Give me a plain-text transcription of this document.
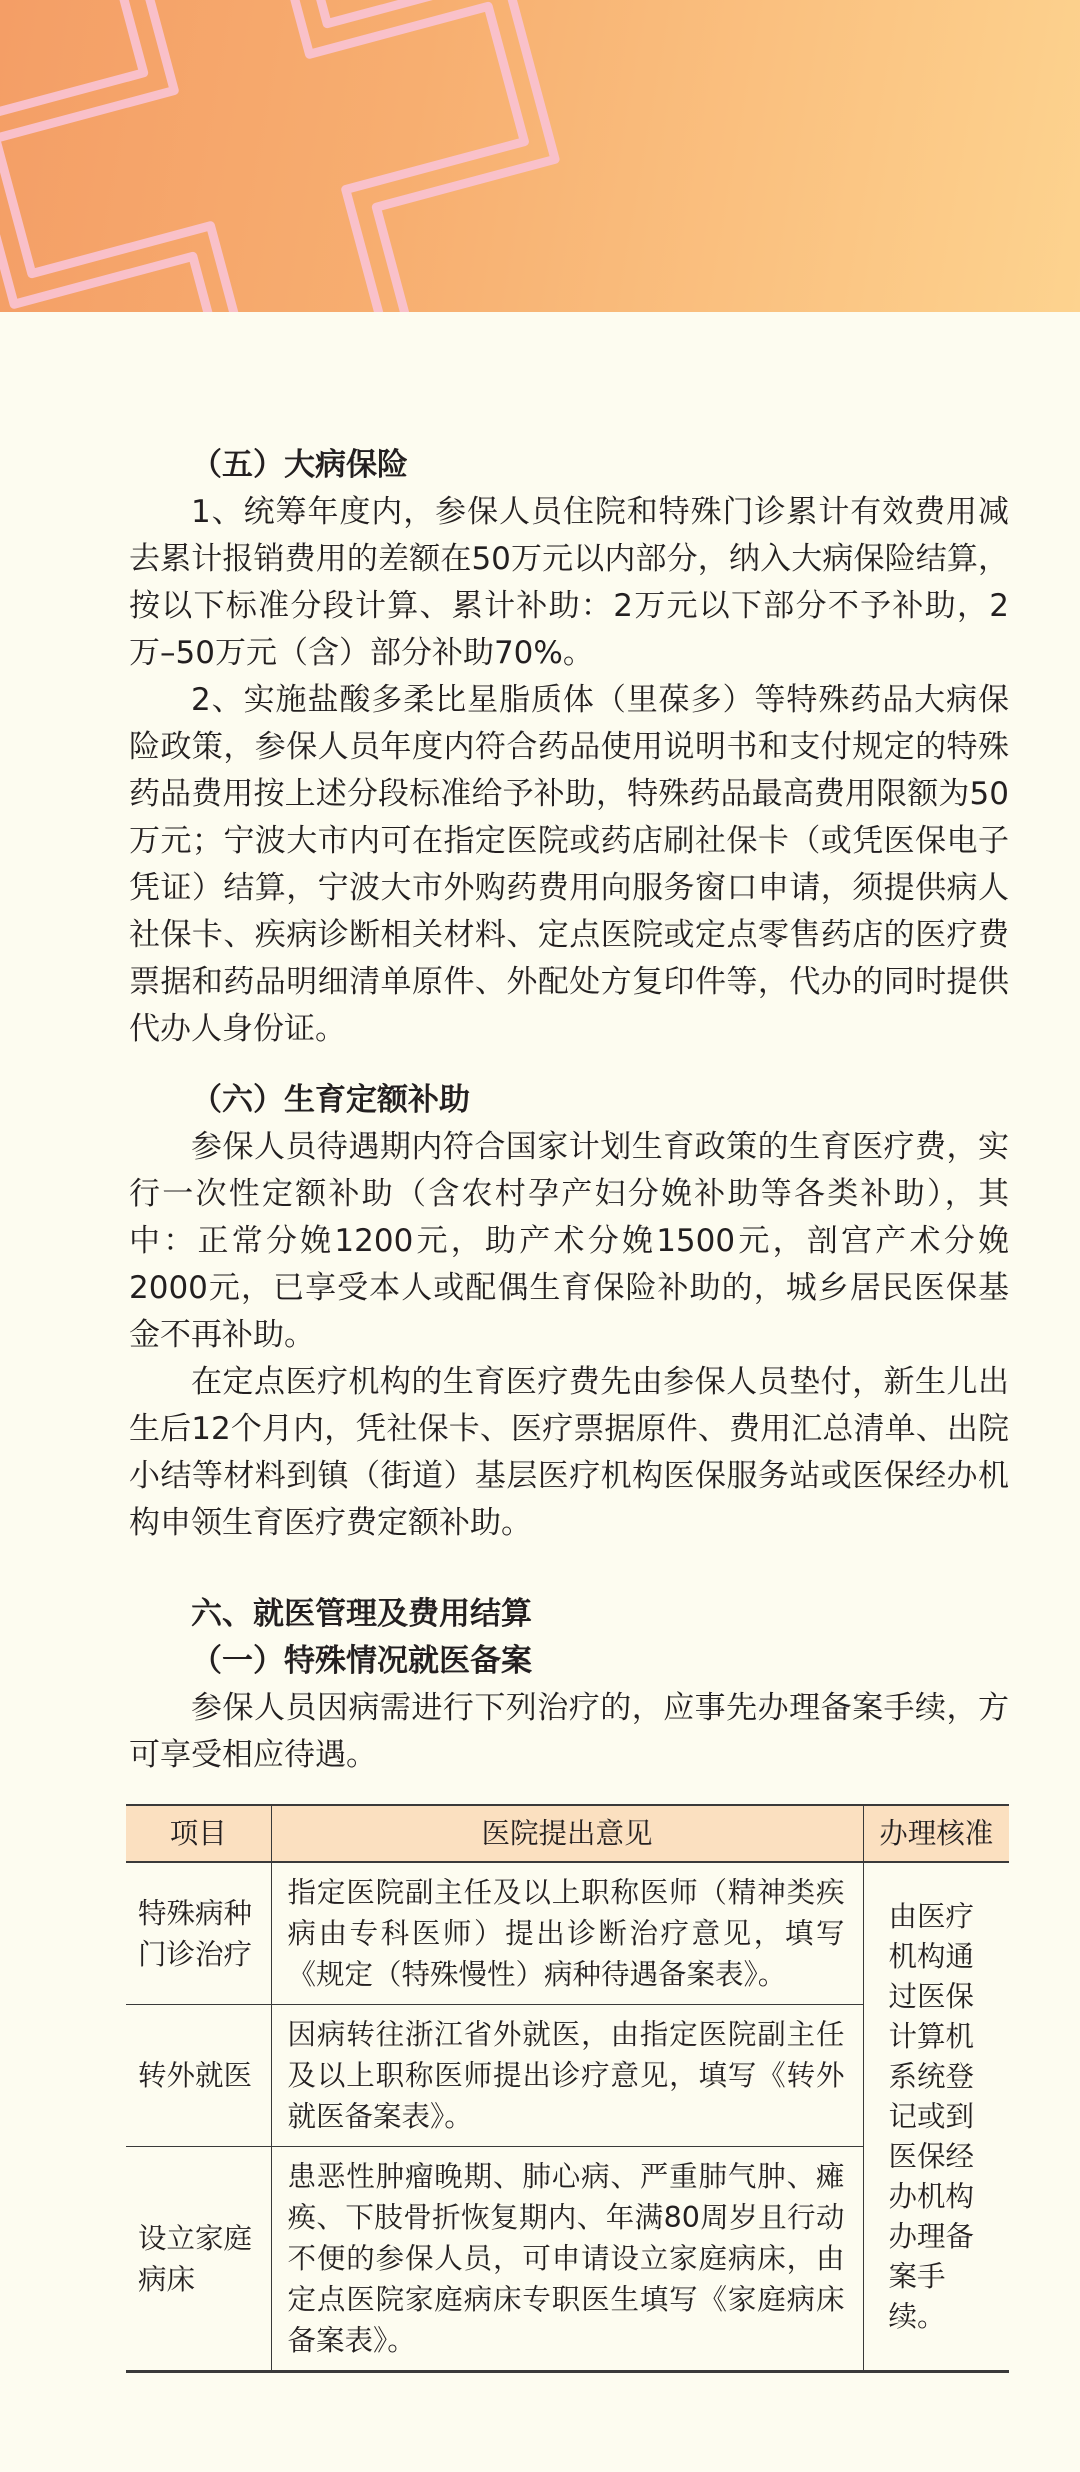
（五）大病保险

1、统筹年度内，参保人员住院和特殊门诊累计有效费用减去累计报销费用的差额在50万元以内部分，纳入大病保险结算，按以下标准分段计算、累计补助：2万元以下部分不予补助，2万–50万元（含）部分补助70%。

2、实施盐酸多柔比星脂质体（里葆多）等特殊药品大病保险政策，参保人员年度内符合药品使用说明书和支付规定的特殊药品费用按上述分段标准给予补助，特殊药品最高费用限额为50万元；宁波大市内可在指定医院或药店刷社保卡（或凭医保电子凭证）结算，宁波大市外购药费用向服务窗口申请，须提供病人社保卡、疾病诊断相关材料、定点医院或定点零售药店的医疗费票据和药品明细清单原件、外配处方复印件等，代办的同时提供代办人身份证。

（六）生育定额补助

参保人员待遇期内符合国家计划生育政策的生育医疗费，实行一次性定额补助（含农村孕产妇分娩补助等各类补助），其中：正常分娩1200元，助产术分娩1500元，剖宫产术分娩2000元，已享受本人或配偶生育保险补助的，城乡居民医保基金不再补助。

在定点医疗机构的生育医疗费先由参保人员垫付，新生儿出生后12个月内，凭社保卡、医疗票据原件、费用汇总清单、出院小结等材料到镇（街道）基层医疗机构医保服务站或医保经办机构申领生育医疗费定额补助。

六、就医管理及费用结算
（一）特殊情况就医备案

参保人员因病需进行下列治疗的，应事先办理备案手续，方可享受相应待遇。

项目	医院提出意见	办理核准
特殊病种门诊治疗	指定医院副主任及以上职称医师（精神类疾病由专科医师）提出诊断治疗意见，填写《规定（特殊慢性）病种待遇备案表》。	由医疗机构通过医保计算机系统登记或到医保经办机构办理备案手续。

转外就医	因病转往浙江省外就医，由指定医院副主任及以上职称医师提出诊疗意见，填写《转外就医备案表》。	
设立家庭病床	患恶性肿瘤晚期、肺心病、严重肺气肿、瘫痪、下肢骨折恢复期内、年满80周岁且行动不便的参保人员，可申请设立家庭病床，由定点医院家庭病床专职医生填写《家庭病床备案表》。	
